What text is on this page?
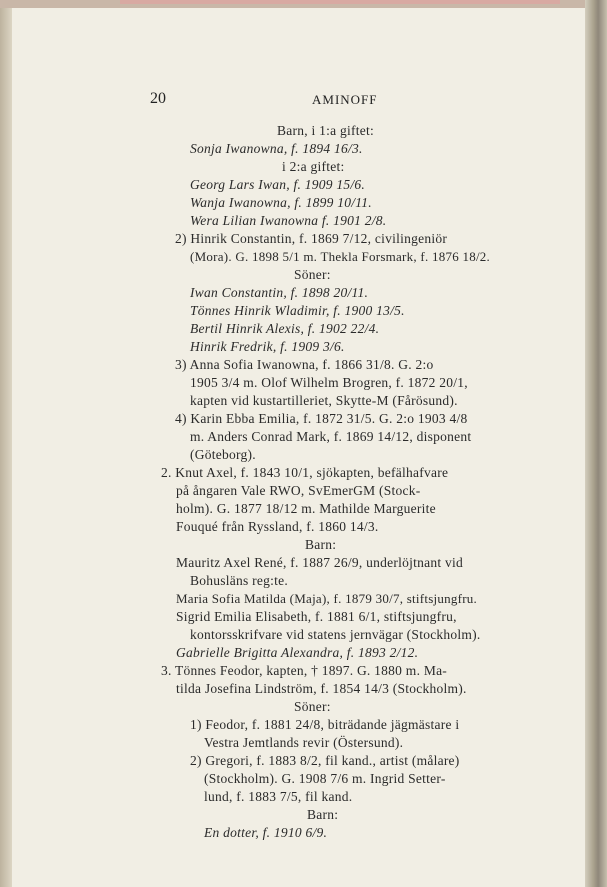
20	AMINOFF
Barn, i 1:a giftet:
Sonja Iwanowna, f. 1894 16/3.
i 2:a giftet:
Georg Lars Iwan, f. 1909 15/6.
Wanja Iwanowna, f. 1899 10/11.
Wera Lilian Iwanowna f. 1901 2/8.
2) Hinrik Constantin, f. 1869 7/12, civilingeniör
(Mora). G. 1898 5/1 m. Thekla Forsmark, f. 1876 18/2.
Söner:
Iwan Constantin, f. 1898 20/11.
Tönnes Hinrik Wladimir, f. 1900 13/5.
Bertil Hinrik Alexis, f. 1902 22/4.
Hinrik Fredrik, f. 1909 3/6.
3) Anna Sofia Iwanowna, f. 1866 31/8. G. 2:o
1905 3/4 m. Olof Wilhelm Brogren, f. 1872 20/1,
kapten vid kustartilleriet, Skytte-M (Fårösund).
4) Karin Ebba Emilia, f. 1872 31/5. G. 2:o 1903 4/8
m. Anders Conrad Mark, f. 1869 14/12, disponent
(Göteborg).
2. Knut Axel, f. 1843 10/1, sjökapten, befälhafvare
på ångaren Vale RWO, SvEmerGM (Stock-
holm). G. 1877 18/12 m. Mathilde Marguerite
Fouqué från Ryssland, f. 1860 14/3.
Barn:
Mauritz Axel René, f. 1887 26/9, underlöjtnant vid
Bohusläns reg:te.
Maria Sofia Matilda (Maja), f. 1879 30/7, stiftsjungfru.
Sigrid Emilia Elisabeth, f. 1881 6/1, stiftsjungfru,
kontorsskrifvare vid statens jernvägar (Stockholm).
Gabrielle Brigitta Alexandra, f. 1893 2/12.
3. Tönnes Feodor, kapten, † 1897. G. 1880 m. Ma-
tilda Josefina Lindström, f. 1854 14/3 (Stockholm).
Söner:
1) Feodor, f. 1881 24/8, biträdande jägmästare i
Vestra Jemtlands revir (Östersund).
2) Gregori, f. 1883 8/2, fil kand., artist (målare)
(Stockholm). G. 1908 7/6 m. Ingrid Setter-
lund, f. 1883 7/5, fil kand.
Barn:
En dotter, f. 1910 6/9.
